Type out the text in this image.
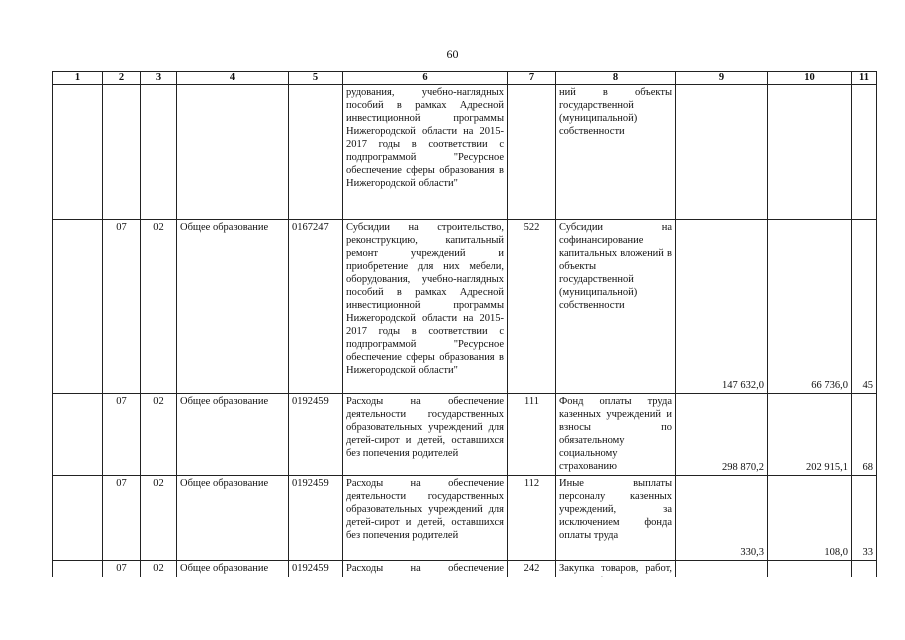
60
1	2	3	4	5	6	7	8	9	10	11
					рудования, учебно-наглядных пособий в рамках Адресной инвестиционной программы Нижегородской области на 2015-2017 годы в соответствии с подпрограммой "Ресурсное обеспечение сферы образования в Нижегородской области"		ний в объекты государственной (муниципальной) собственности			
	07	02	Общее образование	0167247	Субсидии на строительство, реконструкцию, капитальный ремонт учреждений и приобретение для них мебели, оборудования, учебно-наглядных пособий в рамках Адресной инвестиционной программы Нижегородской области на 2015-2017 годы в соответствии с подпрограммой "Ресурсное обеспечение сферы образования в Нижегородской области"	522	Субсидии на софинансирование капитальных вложений в объекты государственной (муниципальной) собственности	147 632,0	66 736,0	45
	07	02	Общее образование	0192459	Расходы на обеспечение деятельности государственных образовательных учреждений для детей-сирот и детей, оставшихся без попечения родителей	111	Фонд оплаты труда казенных учреждений и взносы по обязательному социальному страхованию	298 870,2	202 915,1	68
	07	02	Общее образование	0192459	Расходы на обеспечение деятельности государственных образовательных учреждений для детей-сирот и детей, оставшихся без попечения родителей	112	Иные выплаты персоналу казенных учреждений, за исключением фонда оплаты труда	330,3	108,0	33
	07	02	Общее образование	0192459	Расходы на обеспечение	242	Закупка товаров, работ,			
